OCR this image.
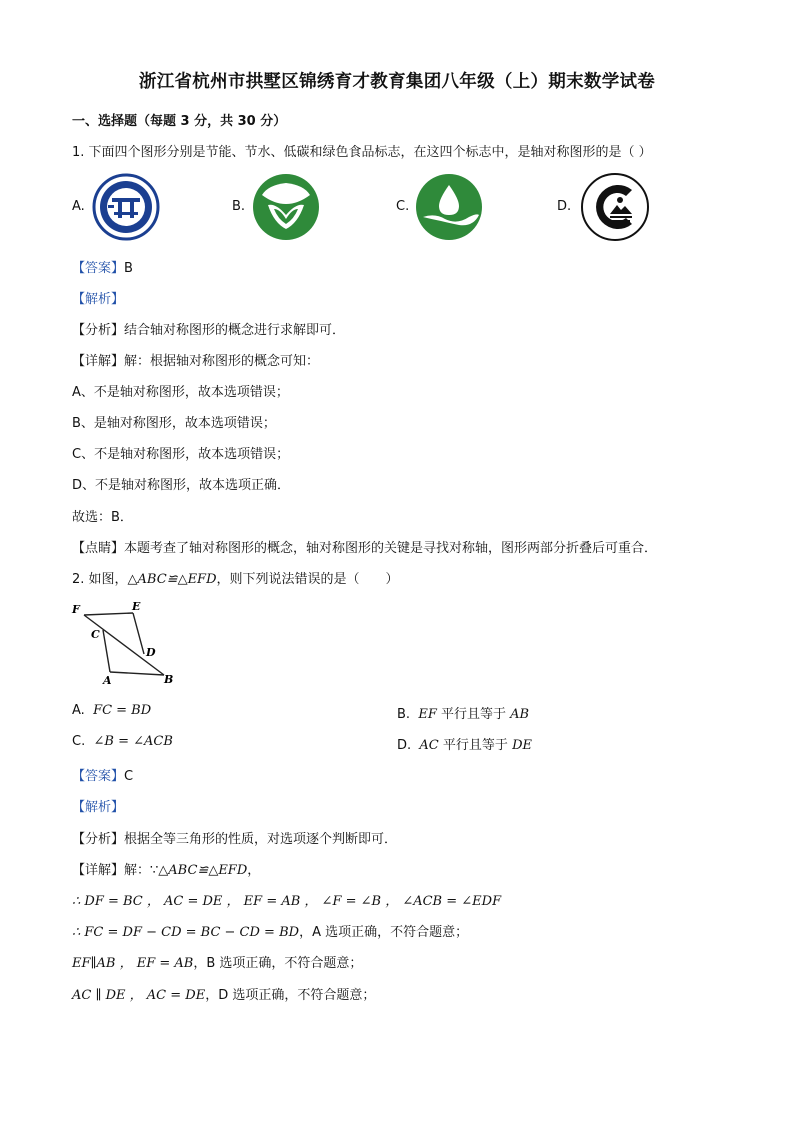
浙江省杭州市拱墅区锦绣育才教育集团八年级（上）期末数学试卷
一、选择题（每题 3 分，共 30 分）
1. 下面四个图形分别是节能、节水、低碳和绿色食品标志，在这四个标志中，是轴对称图形的是（ ）
A.	B.	C.	D.
【答案】B
【解析】
【分析】结合轴对称图形的概念进行求解即可．
【详解】解：根据轴对称图形的概念可知：
A、不是轴对称图形，故本选项错误；
B、是轴对称图形，故本选项错误；
C、不是轴对称图形，故本选项错误；
D、不是轴对称图形，故本选项正确．
故选：B．
【点睛】本题考查了轴对称图形的概念，轴对称图形的关键是寻找对称轴，图形两部分折叠后可重合．
2. 如图，△ABC≌△EFD，则下列说法错误的是（　　）
F	E
C
D
A	B
A. FC = BD	B. EF 平行且等于 AB
C. ∠B = ∠ACB	D. AC 平行且等于 DE
【答案】C
【解析】
【分析】根据全等三角形的性质，对选项逐个判断即可．
【详解】解：∵△ABC≌△EFD，
∴ DF = BC ， AC = DE ， EF = AB ， ∠F = ∠B ， ∠ACB = ∠EDF
∴ FC = DF − CD = BC − CD = BD，A 选项正确，不符合题意；
EF∥AB ， EF = AB，B 选项正确，不符合题意；
AC ∥ DE ， AC = DE，D 选项正确，不符合题意；
